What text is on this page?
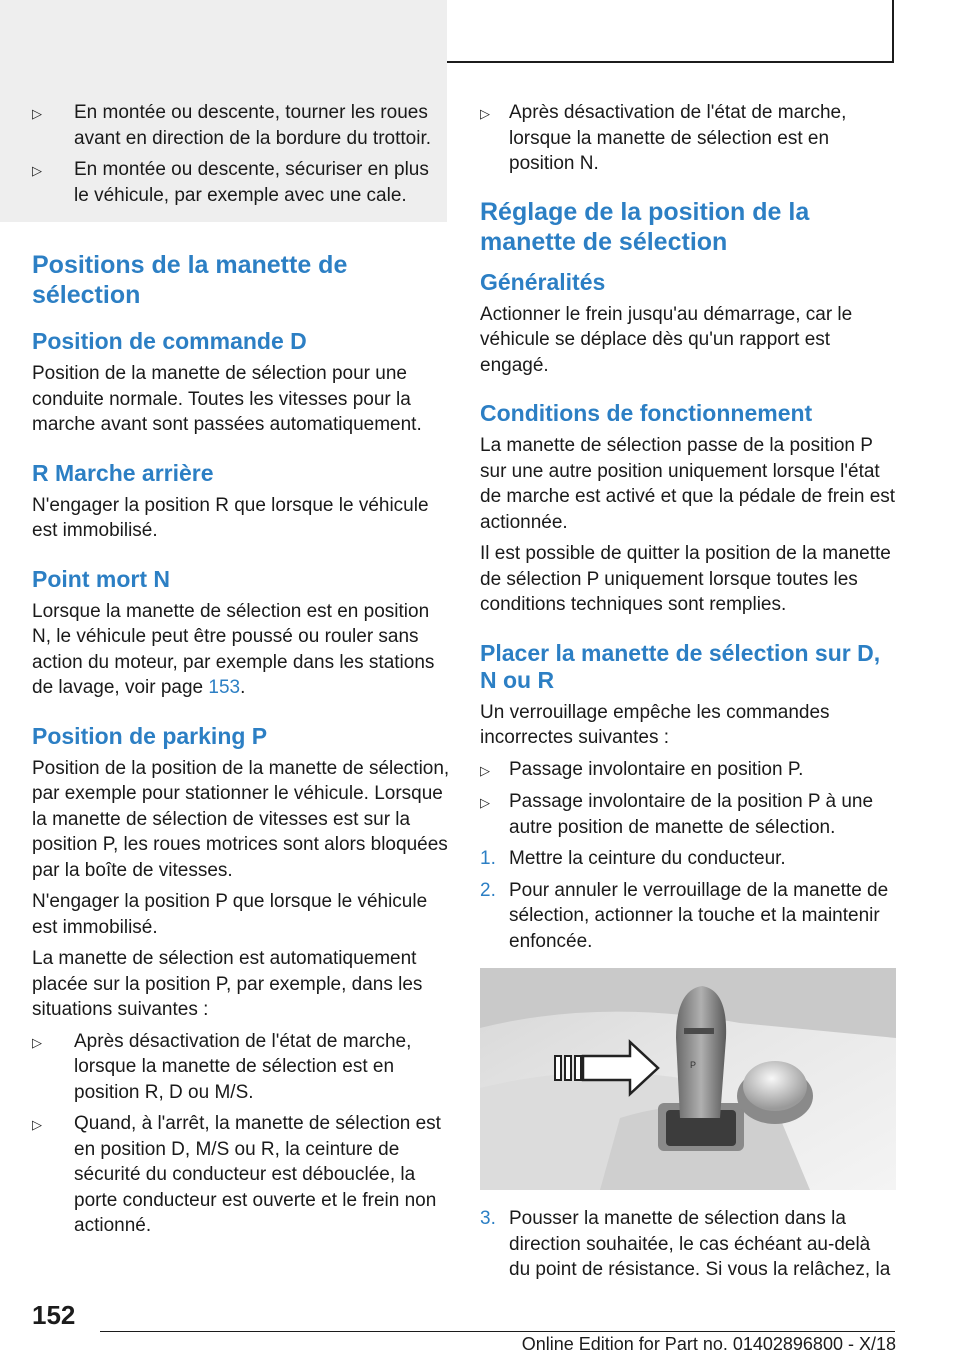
▷	En montée ou descente, tourner les roues avant en direction de la bordure du trottoir.
▷	En montée ou descente, sécuriser en plus le véhicule, par exemple avec une cale.
Positions de la manette de sélection
Position de commande D

Position de la manette de sélection pour une conduite normale. Toutes les vitesses pour la marche avant sont passées automatiquement.

R Marche arrière

N'engager la position R que lorsque le véhicule est immobilisé.

Point mort N

Lorsque la manette de sélection est en position N, le véhicule peut être poussé ou rouler sans action du moteur, par exemple dans les stations de lavage, voir page 153.

Position de parking P

Position de la position de la manette de sélection, par exemple pour stationner le véhicule. Lorsque la manette de sélection de vitesses est sur la position P, les roues motrices sont alors bloquées par la boîte de vitesses.

N'engager la position P que lorsque le véhicule est immobilisé.

La manette de sélection est automatiquement placée sur la position P, par exemple, dans les situations suivantes :

▷	Après désactivation de l'état de marche, lorsque la manette de sélection est en position R, D ou M/S.
▷	Quand, à l'arrêt, la manette de sélection est en position D, M/S ou R, la ceinture de sécurité du conducteur est débouclée, la porte conducteur est ouverte et le frein non actionné.
▷	Après désactivation de l'état de marche, lorsque la manette de sélection est en position N.
Réglage de la position de la manette de sélection
Généralités

Actionner le frein jusqu'au démarrage, car le véhicule se déplace dès qu'un rapport est engagé.

Conditions de fonctionnement

La manette de sélection passe de la position P sur une autre position uniquement lorsque l'état de marche est activé et que la pédale de frein est actionnée.

Il est possible de quitter la position de la manette de sélection P uniquement lorsque toutes les conditions techniques sont remplies.

Placer la manette de sélection sur D, N ou R

Un verrouillage empêche les commandes incorrectes suivantes :

▷	Passage involontaire en position P.
▷	Passage involontaire de la position P à une autre position de manette de sélection.
1. Mettre la ceinture du conducteur.
2. Pour annuler le verrouillage de la manette de sélection, actionner la touche et la maintenir enfoncée.
P
3. Pousser la manette de sélection dans la direction souhaitée, le cas échéant au-delà du point de résistance. Si vous la relâchez, la
152
Online Edition for Part no. 01402896800 - X/18
